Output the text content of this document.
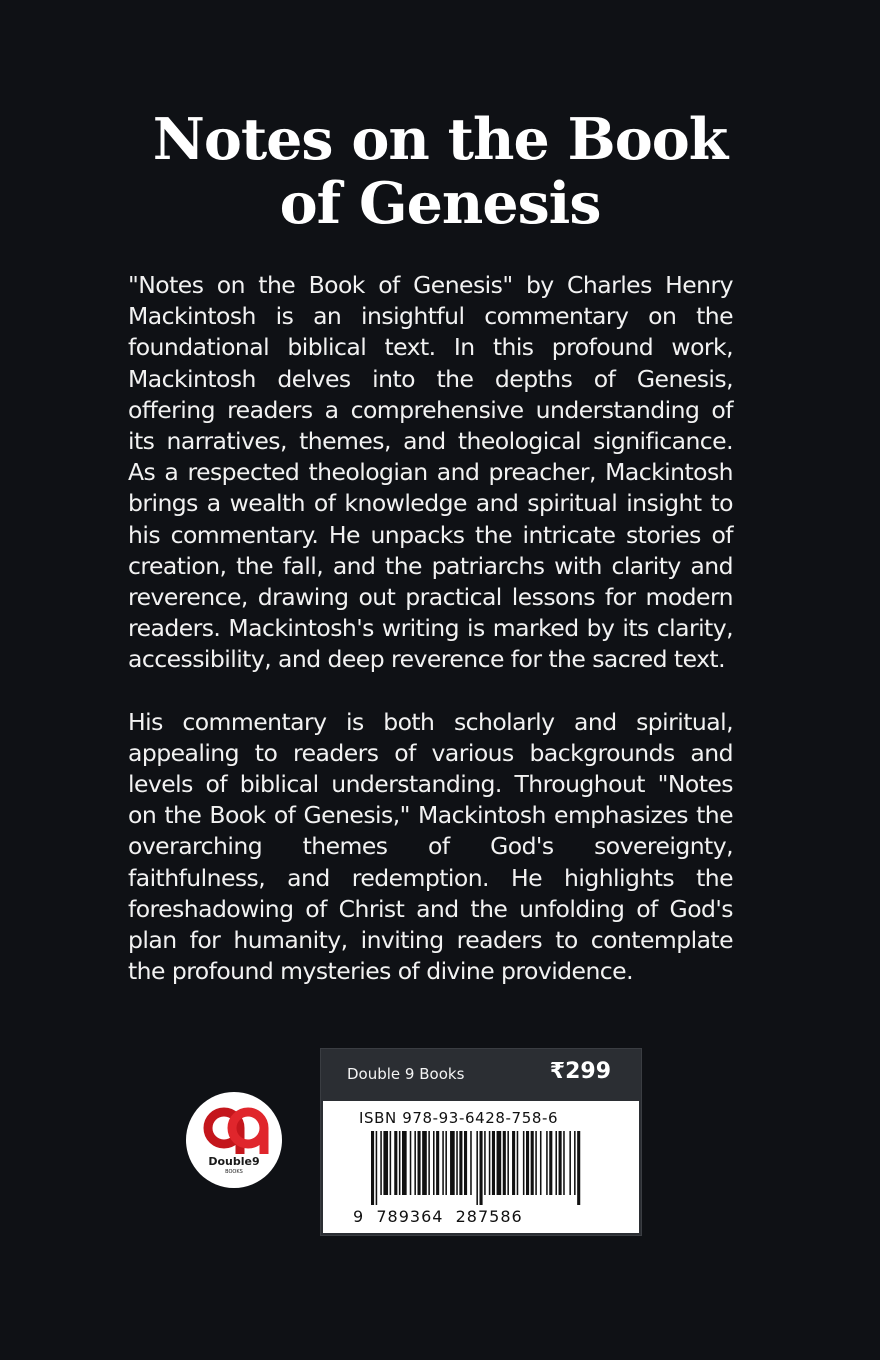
Notes on the Book
of Genesis

"Notes on the Book of Genesis" by Charles Henry Mackintosh is an insightful commentary on the foundational biblical text. In this profound work, Mackintosh delves into the depths of Genesis, offering readers a comprehensive understanding of its narratives, themes, and theological significance. As a respected theologian and preacher, Mackintosh brings a wealth of knowledge and spiritual insight to his commentary. He unpacks the intricate stories of creation, the fall, and the patriarchs with clarity and reverence, drawing out practical lessons for modern readers. Mackintosh's writing is marked by its clarity, accessibility, and deep reverence for the sacred text.

His commentary is both scholarly and spiritual, appealing to readers of various backgrounds and levels of biblical understanding. Throughout "Notes on the Book of Genesis," Mackintosh emphasizes the overarching themes of God's sovereignty, faithfulness, and redemption. He highlights the foreshadowing of Christ and the unfolding of God's plan for humanity, inviting readers to contemplate the profound mysteries of divine providence.

Double9
BOOKS
Double 9 Books	₹299
ISBN 978-93-6428-758-6
9  789364  287586
